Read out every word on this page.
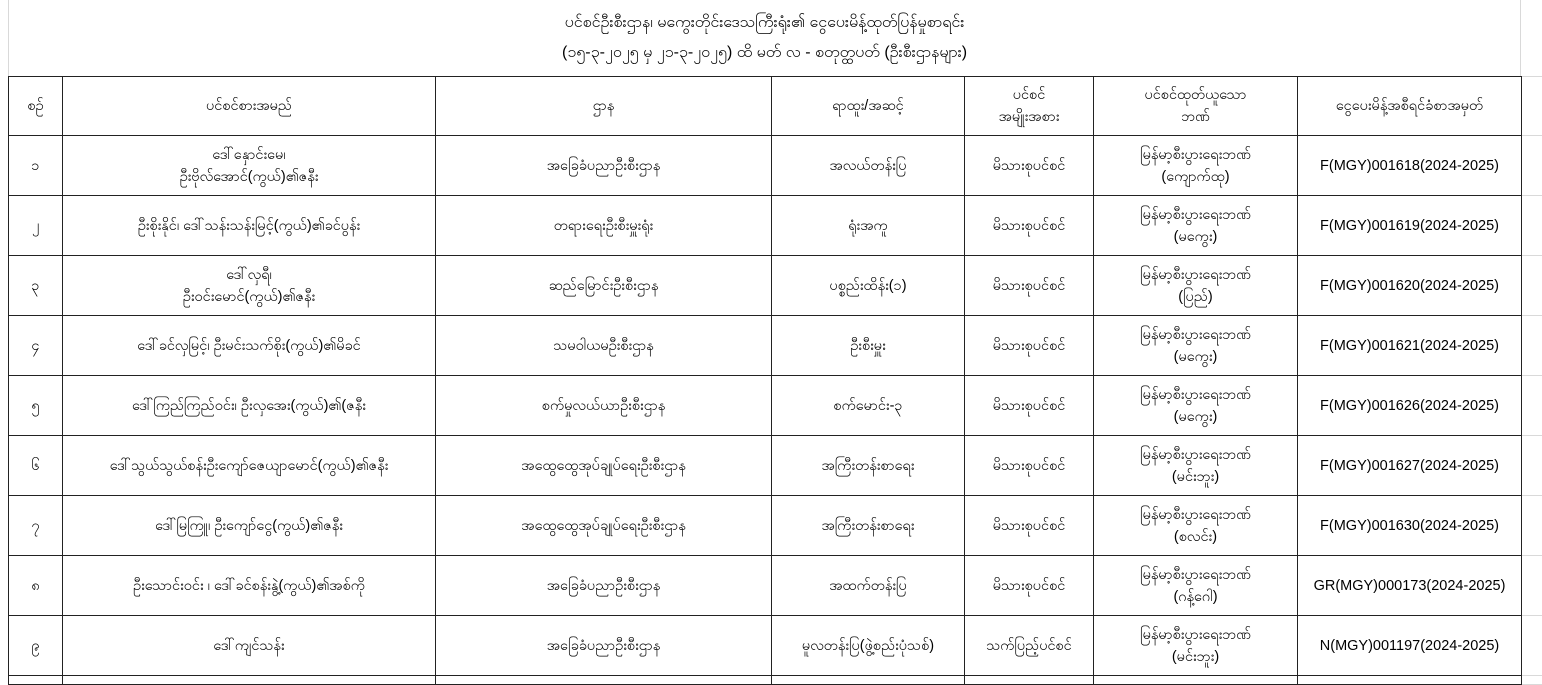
ပင်စင်ဦးစီးဌာန၊ မကွေးတိုင်းဒေသကြီးရုံး၏ ငွေပေးမိန့်ထုတ်ပြန်မှုစာရင်း
(၁၅-၃-၂၀၂၅ မှ ၂၁-၃-၂၀၂၅) ထိ မတ် လ - စတုတ္ထပတ် (ဦးစီးဌာနများ)
စဉ်	ပင်စင်စားအမည်	ဌာန	ရာထူး/အဆင့်	ပင်စင်
အမျိုးအစား	ပင်စင်ထုတ်ယူသော
ဘဏ်	ငွေပေးမိန့်အစီရင်ခံစာအမှတ်	

၁	ဒေါ်နှောင်းမေ၊
ဦးဗိုလ်အောင်(ကွယ်)၏ဇနီး	အခြေခံပညာဦးစီးဌာန	အလယ်တန်းပြ	မိသားစုပင်စင်	မြန်မာ့စီးပွားရေးဘဏ်
(ကျောက်ထု)	F(MGY)001618(2024-2025)	

၂	ဦးစိုးနိုင်၊ ဒေါ်သန်းသန်းမြင့်(ကွယ်)၏ခင်ပွန်း	တရားရေးဦးစီးမှူးရုံး	ရုံးအကူ	မိသားစုပင်စင်	မြန်မာ့စီးပွားရေးဘဏ်
(မကွေး)	F(MGY)001619(2024-2025)	

၃	ဒေါ်လှရီ၊
ဦးဝင်းမောင်(ကွယ်)၏ဇနီး	ဆည်မြောင်းဦးစီးဌာန	ပစ္စည်းထိန်း(၁)	မိသားစုပင်စင်	မြန်မာ့စီးပွားရေးဘဏ်
(ပြည်)	F(MGY)001620(2024-2025)	

၄	ဒေါ်ခင်လှမြင့်၊ ဦးမင်းသက်စိုး(ကွယ်)၏မိခင်	သမဝါယမဦးစီးဌာန	ဦးစီးမှူး	မိသားစုပင်စင်	မြန်မာ့စီးပွားရေးဘဏ်
(မကွေး)	F(MGY)001621(2024-2025)	

၅	ဒေါ်ကြည်ကြည်ဝင်း၊ ဦးလှအေး(ကွယ်)၏(ဇနီး	စက်မှုလယ်ယာဦးစီးဌာန	စက်မောင်း-၃	မိသားစုပင်စင်	မြန်မာ့စီးပွားရေးဘဏ်
(မကွေး)	F(MGY)001626(2024-2025)	

၆	ဒေါ်သွယ်သွယ်စန်းဦးကျော်ဇေယျာမောင်(ကွယ်)၏ဇနီး	အထွေထွေအုပ်ချုပ်ရေးဦးစီးဌာန	အကြီးတန်းစာရေး	မိသားစုပင်စင်	မြန်မာ့စီးပွားရေးဘဏ်
(မင်းဘူး)	F(MGY)001627(2024-2025)	

၇	ဒေါ်မြကြူ၊ ဦးကျော်ငွေ(ကွယ်)၏ဇနီး	အထွေထွေအုပ်ချုပ်ရေးဦးစီးဌာန	အကြီးတန်းစာရေး	မိသားစုပင်စင်	မြန်မာ့စီးပွားရေးဘဏ်
(စလင်း)	F(MGY)001630(2024-2025)	

၈	ဦးသောင်းဝင်း ၊ ဒေါ်ခင်စန်းနွဲ့(ကွယ်)၏အစ်ကို	အခြေခံပညာဦးစီးဌာန	အထက်တန်းပြ	မိသားစုပင်စင်	မြန်မာ့စီးပွားရေးဘဏ်
(ဂန့်ဂေါ)	GR(MGY)000173(2024-2025)	

၉	ဒေါ်ကျင်သန်း	အခြေခံပညာဦးစီးဌာန	မူလတန်းပြ(ဖွဲ့စည်းပုံသစ်)	သက်ပြည့်ပင်စင်	မြန်မာ့စီးပွားရေးဘဏ်
(မင်းဘူး)	N(MGY)001197(2024-2025)	
